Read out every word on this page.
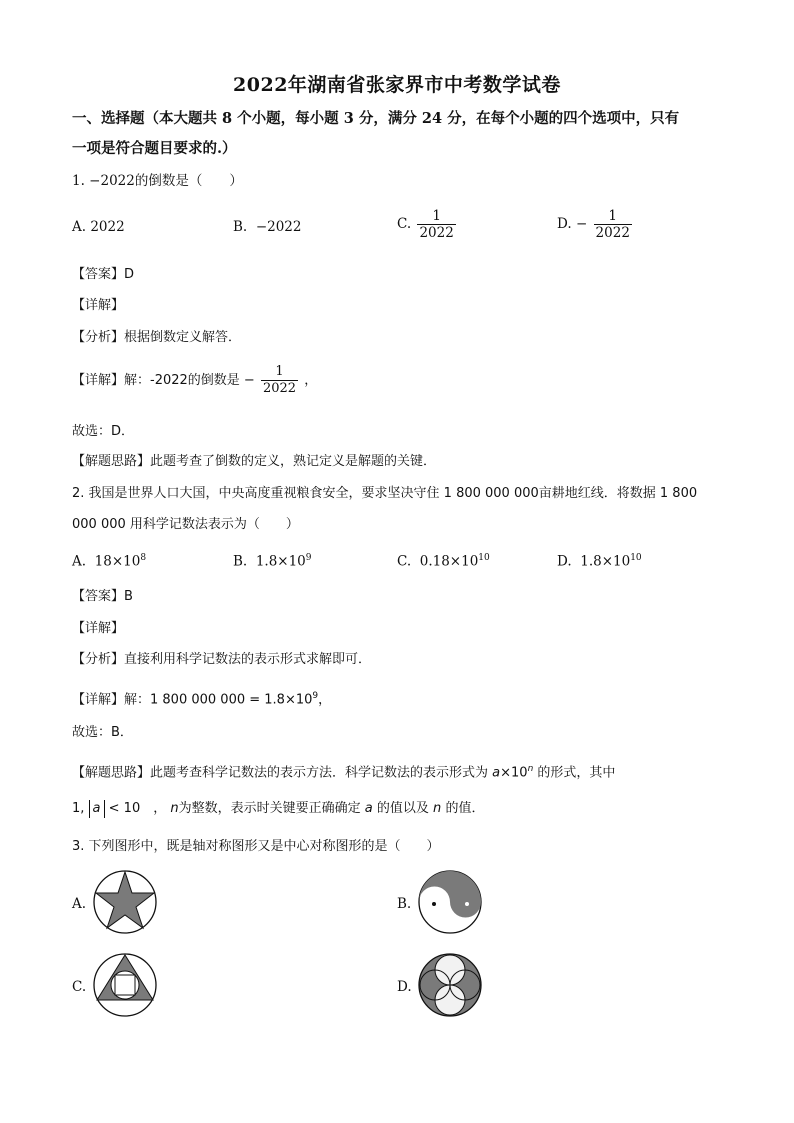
2022年湖南省张家界市中考数学试卷
一、选择题（本大题共 8 个小题，每小题 3 分，满分 24 分，在每个小题的四个选项中，只有
一项是符合题目要求的.）
1. −2022的倒数是（　　）
A. 2022	B. −2022	C. $\frac{1}{2022}$	D. − $\frac{1}{2022}$
【答案】D
【详解】
【分析】根据倒数定义解答．
【详解】解：-2022的倒数是 − $\frac{1}{2022}$ ，
故选：D．
【解题思路】此题考查了倒数的定义，熟记定义是解题的关键．
2. 我国是世界人口大国，中央高度重视粮食安全，要求坚决守住 1 800 000 000亩耕地红线．将数据 1 800
000 000 用科学记数法表示为（　　）
A. $18\times 10^8$	B. $1.8\times 10^9$	C. $0.18\times 10^{10}$	D. $1.8\times 10^{10}$
【答案】B
【详解】
【分析】直接利用科学记数法的表示形式求解即可．
【详解】解：1 800 000 $000 = 1.8\times 10^9$，
故选：B．
【解题思路】此题考查科学记数法的表示方法．科学记数法的表示形式为 $a\times 10^n$ 的形式，其中
1, a < 10　， n为整数，表示时关键要正确确定 a 的值以及 n 的值．
3. 下列图形中，既是轴对称图形又是中心对称图形的是（　　）
A.	B.
C.	D.
